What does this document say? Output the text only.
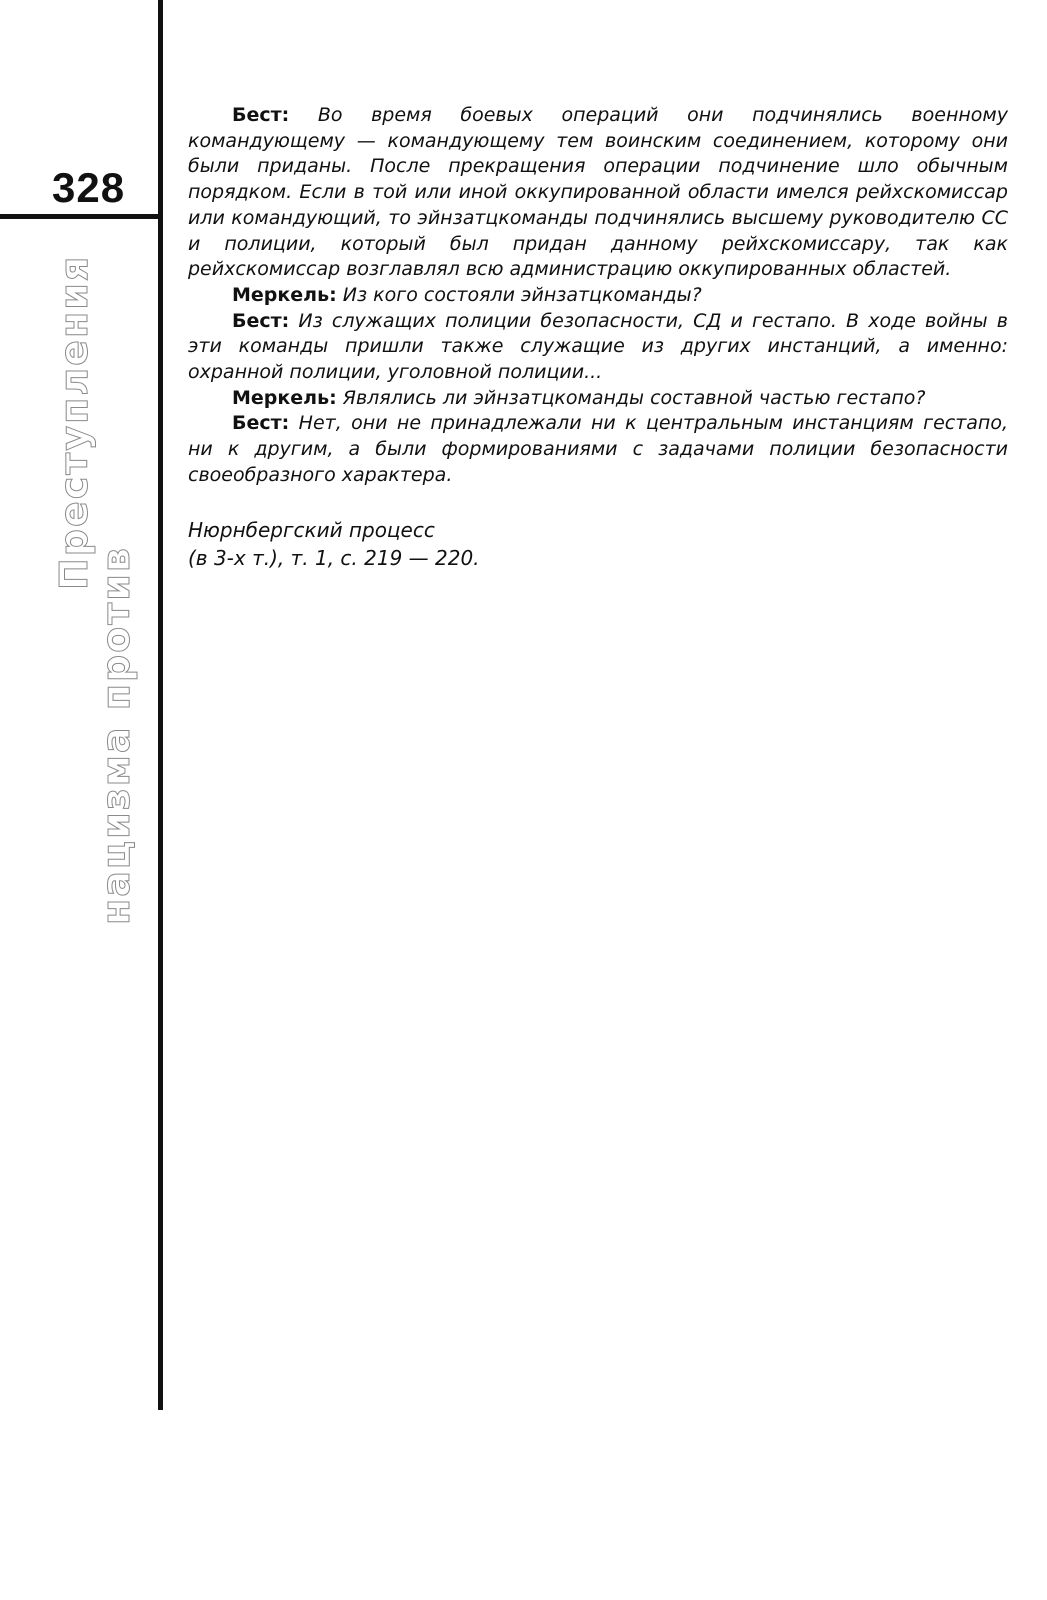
328
Преступления
нацизма против

Бест: Во время боевых операций они подчинялись военному командующему — командующему тем воинским соединением, которому они были приданы. После прекращения операции подчинение шло обычным порядком. Если в той или иной оккупированной области имелся рейхскомиссар или командующий, то эйнзатцкоманды подчинялись высшему руководителю СС и полиции, который был придан данному рейхскомиссару, так как рейхскомиссар возглавлял всю администрацию оккупированных областей.

Меркель: Из кого состояли эйнзатцкоманды?

Бест: Из служащих полиции безопасности, СД и гестапо. В ходе войны в эти команды пришли также служащие из других инстанций, а именно: охранной полиции, уголовной полиции...

Меркель: Являлись ли эйнзатцкоманды составной частью гестапо?

Бест: Нет, они не принадлежали ни к центральным инстанциям гестапо, ни к другим, а были формированиями с задачами полиции безопасности своеобразного характера.

Нюрнбергский процесс
(в 3-х т.), т. 1, с. 219 — 220.
